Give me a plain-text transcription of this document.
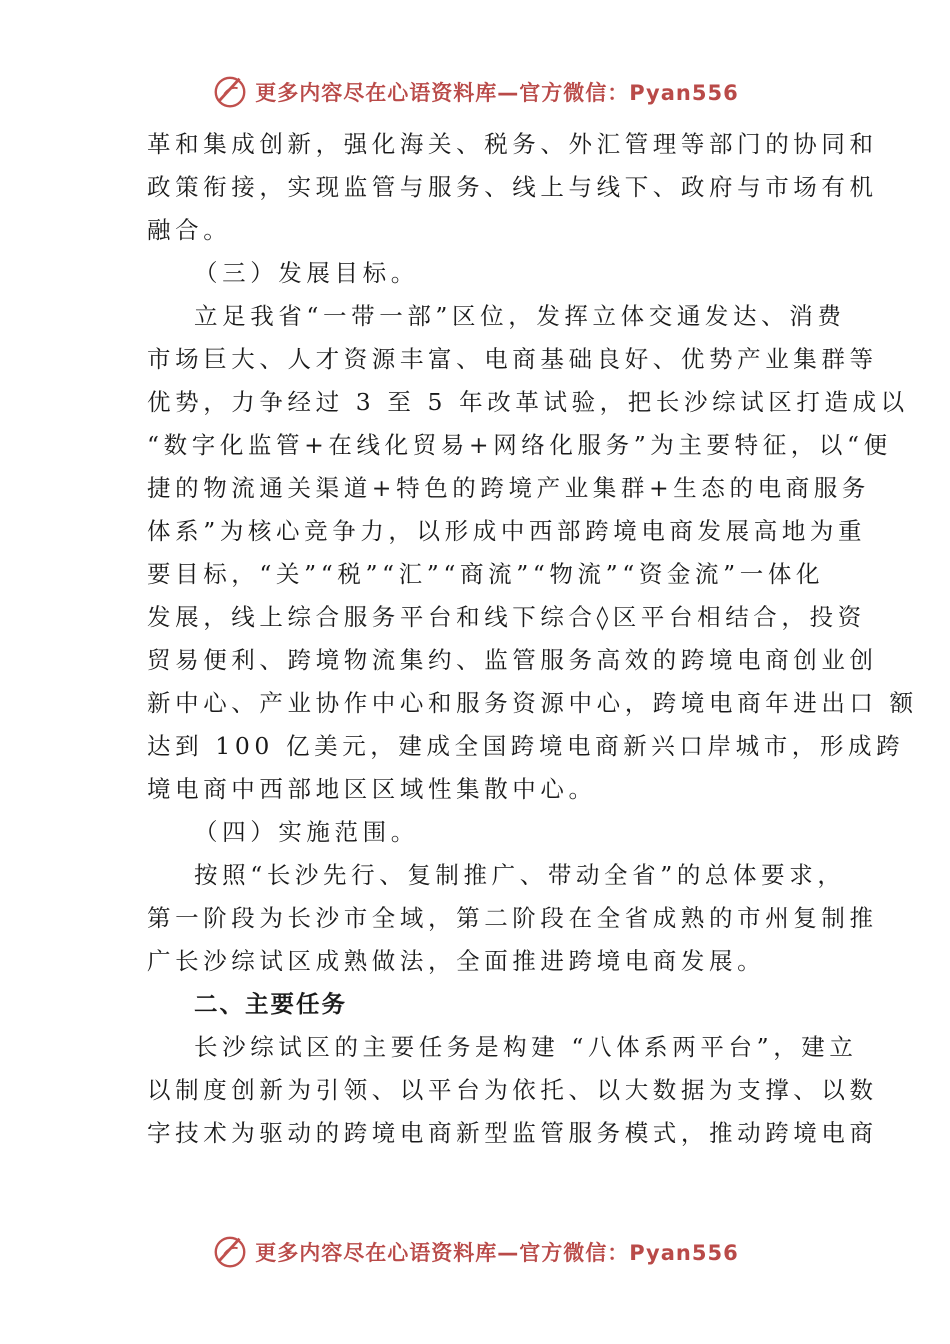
更多内容尽在心语资料库—官方微信：Pyan556
革和集成创新，强化海关、税务、外汇管理等部门的协同和
政策衔接，实现监管与服务、线上与线下、政府与市场有机
融合。
（三）发展目标。
立足我省“一带一部”区位，发挥立体交通发达、消费
市场巨大、人才资源丰富、电商基础良好、优势产业集群等
优势，力争经过 3 至 5 年改革试验，把长沙综试区打造成以
“数字化监管+在线化贸易+网络化服务”为主要特征，以“便
捷的物流通关渠道+特色的跨境产业集群+生态的电商服务
体系”为核心竞争力，以形成中西部跨境电商发展高地为重
要目标，“关”“税”“汇”“商流”“物流”“资金流”一体化
发展，线上综合服务平台和线下综合◊区平台相结合，投资
贸易便利、跨境物流集约、监管服务高效的跨境电商创业创
新中心、产业协作中心和服务资源中心，跨境电商年进出口 额
达到 100 亿美元，建成全国跨境电商新兴口岸城市，形成跨
境电商中西部地区区域性集散中心。
（四）实施范围。
按照“长沙先行、复制推广、带动全省”的总体要求，
第一阶段为长沙市全域，第二阶段在全省成熟的市州复制推
广长沙综试区成熟做法，全面推进跨境电商发展。
二、主要任务
长沙综试区的主要任务是构建 “八体系两平台”，建立
以制度创新为引领、以平台为依托、以大数据为支撑、以数
字技术为驱动的跨境电商新型监管服务模式，推动跨境电商
更多内容尽在心语资料库—官方微信：Pyan556
